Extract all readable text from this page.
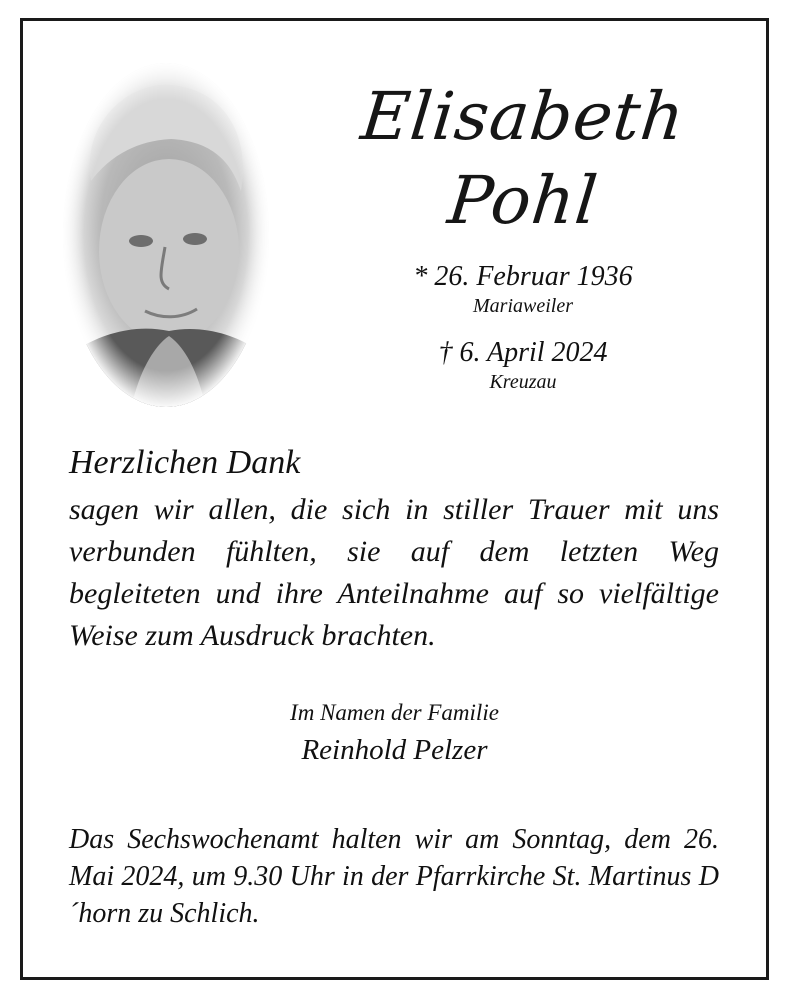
Elisabeth
Pohl
* 26. Februar 1936
Mariaweiler
† 6. April 2024
Kreuzau
Herzlichen Dank
sagen wir allen, die sich in stiller Trauer mit uns verbunden fühlten, sie auf dem letzten Weg begleiteten und ihre Anteilnahme auf so vielfältige Weise zum Ausdruck brachten.
Im Namen der Familie
Reinhold Pelzer
Das Sechswochenamt halten wir am Sonntag, dem 26. Mai 2024, um 9.30 Uhr in der Pfarrkirche St. Martinus D´horn zu Schlich.
